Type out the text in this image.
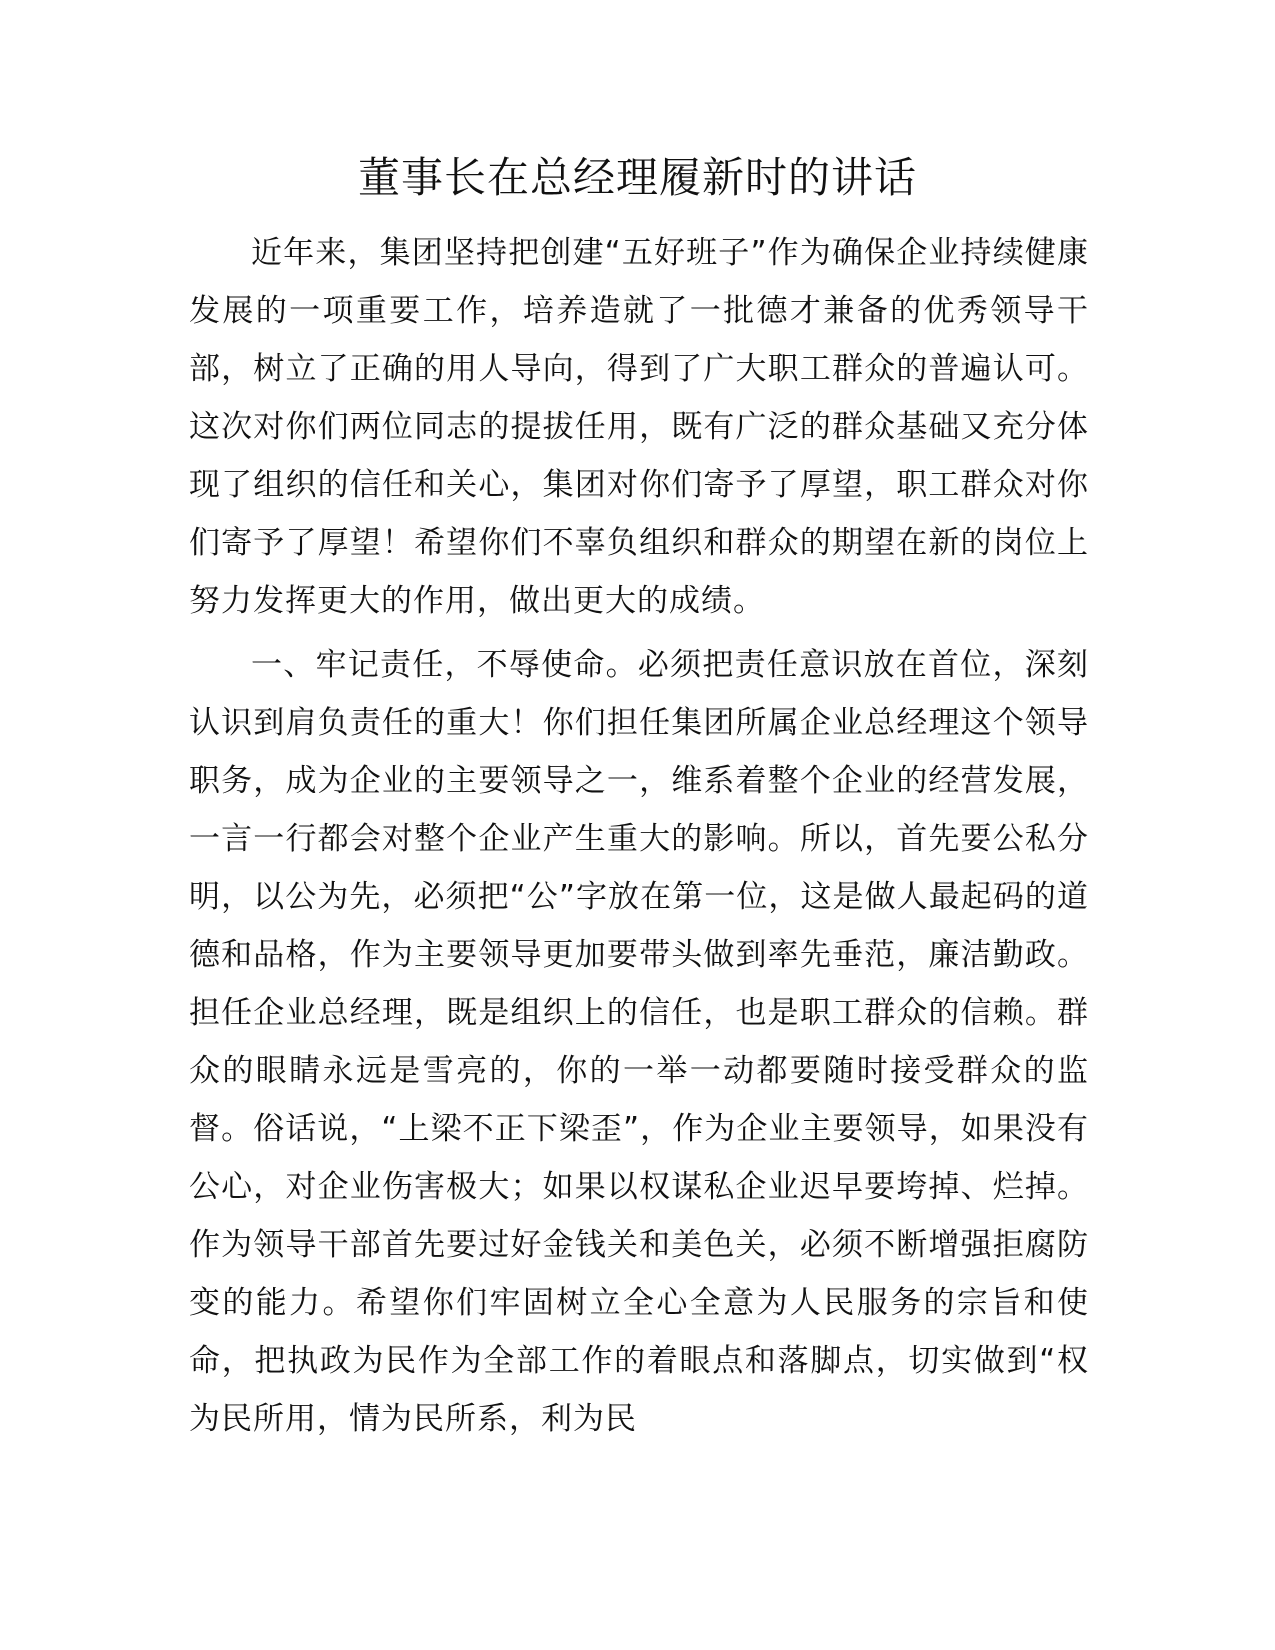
董事长在总经理履新时的讲话

近年来，集团坚持把创建“五好班子”作为确保企业持续健康发展的一项重要工作，培养造就了一批德才兼备的优秀领导干部，树立了正确的用人导向，得到了广大职工群众的普遍认可。这次对你们两位同志的提拔任用，既有广泛的群众基础又充分体现了组织的信任和关心，集团对你们寄予了厚望，职工群众对你们寄予了厚望！希望你们不辜负组织和群众的期望在新的岗位上努力发挥更大的作用，做出更大的成绩。

一、牢记责任，不辱使命。必须把责任意识放在首位，深刻认识到肩负责任的重大！你们担任集团所属企业总经理这个领导职务，成为企业的主要领导之一，维系着整个企业的经营发展，一言一行都会对整个企业产生重大的影响。所以，首先要公私分明，以公为先，必须把“公”字放在第一位，这是做人最起码的道德和品格，作为主要领导更加要带头做到率先垂范，廉洁勤政。担任企业总经理，既是组织上的信任，也是职工群众的信赖。群众的眼睛永远是雪亮的，你的一举一动都要随时接受群众的监督。俗话说，“上梁不正下梁歪”，作为企业主要领导，如果没有公心，对企业伤害极大；如果以权谋私企业迟早要垮掉、烂掉。作为领导干部首先要过好金钱关和美色关，必须不断增强拒腐防变的能力。希望你们牢固树立全心全意为人民服务的宗旨和使命，把执政为民作为全部工作的着眼点和落脚点，切实做到“权为民所用，情为民所系，利为民
